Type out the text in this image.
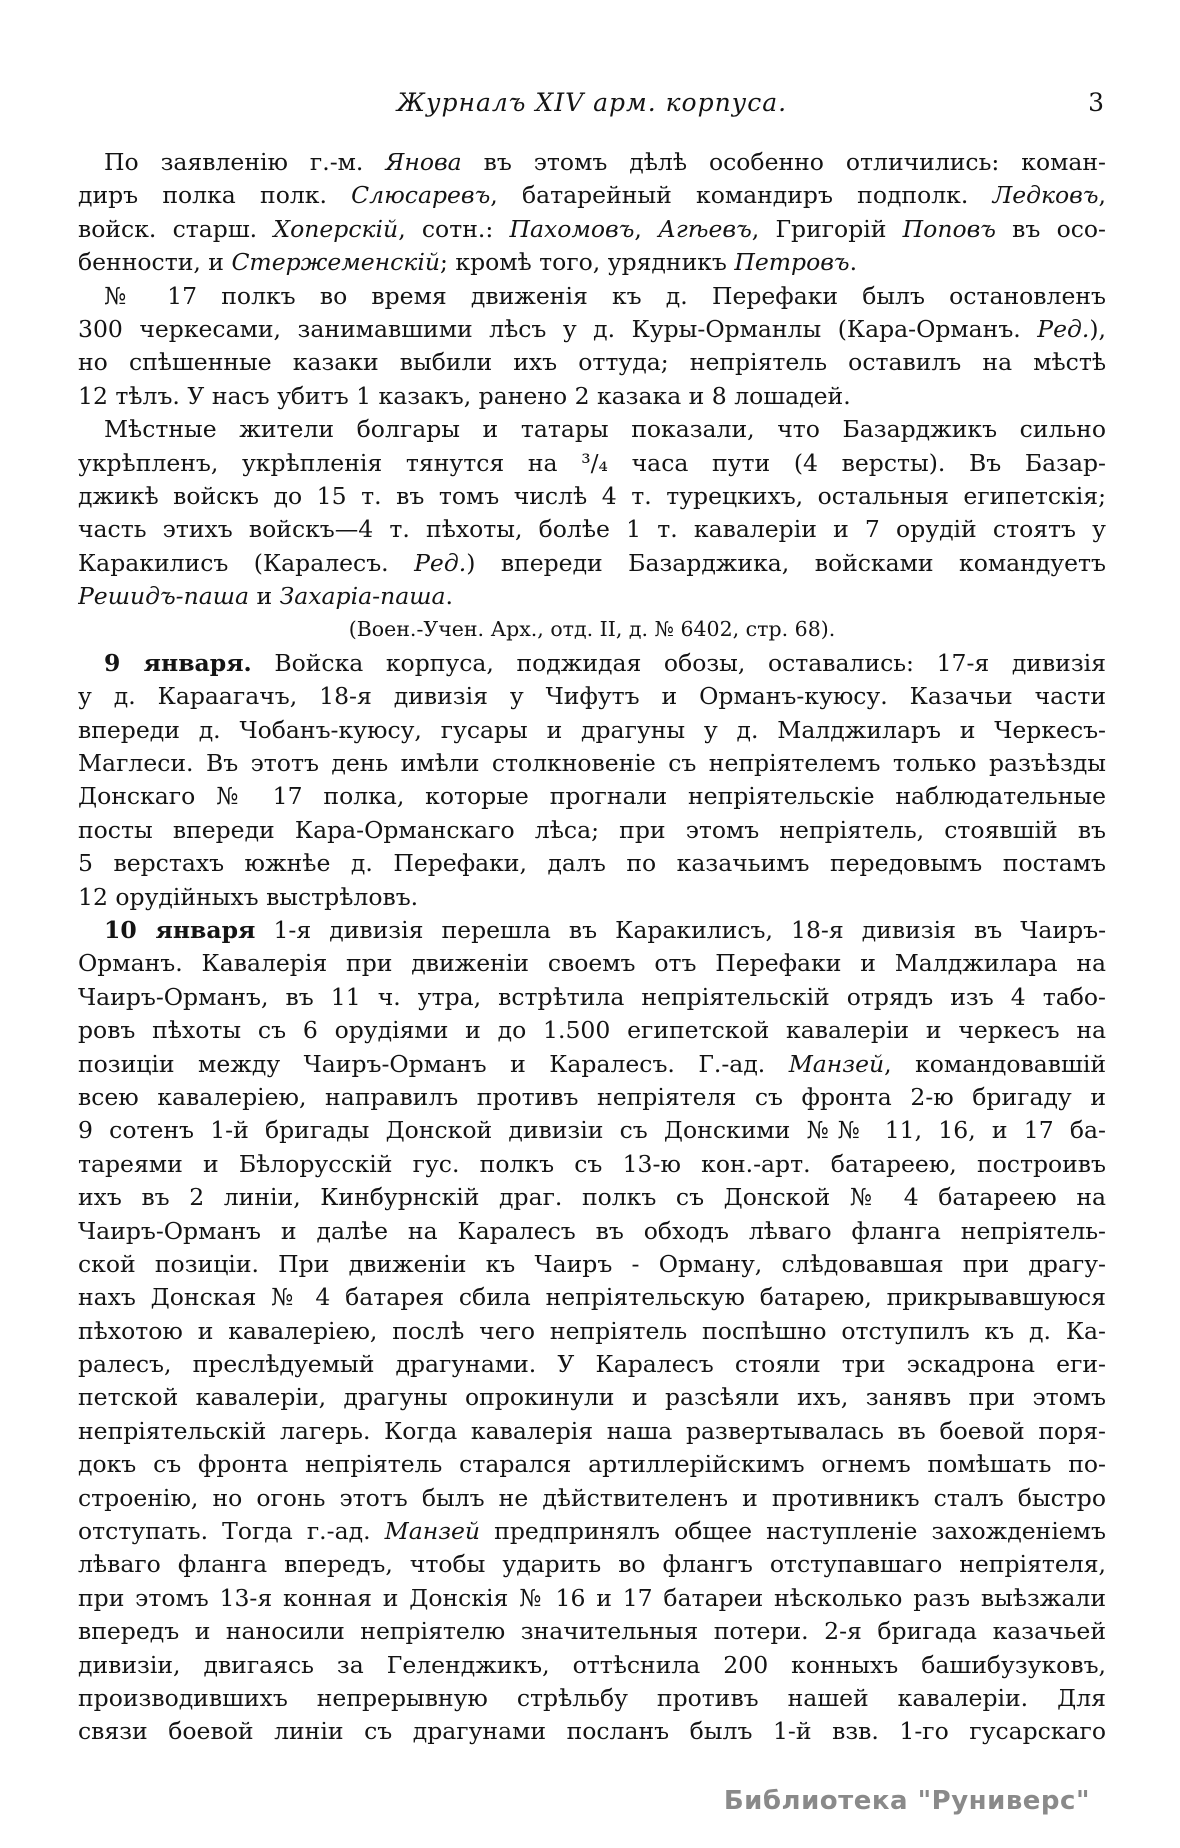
Журналъ XIV арм. корпуса.	3
По заявленію г.-м. Янова въ этомъ дѣлѣ особенно отличились: коман-
диръ полка полк. Слюсаревъ, батарейный командиръ подполк. Ледковъ,
войск. старш. Хоперскій, сотн.: Пахомовъ, Агѣевъ, Григорій Поповъ въ осо-
бенности, и Стержеменскій; кромѣ того, урядникъ Петровъ.
№ 17 полкъ во время движенія къ д. Перефаки былъ остановленъ
300 черкесами, занимавшими лѣсъ у д. Куры-Орманлы (Кара-Орманъ. Ред.),
но спѣшенные казаки выбили ихъ оттуда; непріятель оставилъ на мѣстѣ
12 тѣлъ. У насъ убитъ 1 казакъ, ранено 2 казака и 8 лошадей.
Мѣстные жители болгары и татары показали, что Базарджикъ сильно
укрѣпленъ, укрѣпленія тянутся на ³/₄ часа пути (4 версты). Въ Базар-
джикѣ войскъ до 15 т. въ томъ числѣ 4 т. турецкихъ, остальныя египетскія;
часть этихъ войскъ—4 т. пѣхоты, болѣе 1 т. кавалеріи и 7 орудій стоятъ у
Каракилисъ (Каралесъ. Ред.) впереди Базарджика, войсками командуетъ
Решидъ-паша и Захаріа-паша.
(Воен.-Учен. Арх., отд. II, д. № 6402, стр. 68).
9 января. Войска корпуса, поджидая обозы, оставались: 17-я дивизія
у д. Караагачъ, 18-я дивизія у Чифутъ и Орманъ-куюсу. Казачьи части
впереди д. Чобанъ-куюсу, гусары и драгуны у д. Малджиларъ и Черкесъ-
Маглеси. Въ этотъ день имѣли столкновеніе съ непріятелемъ только разъѣзды
Донскаго № 17 полка, которые прогнали непріятельскіе наблюдательные
посты впереди Кара-Орманскаго лѣса; при этомъ непріятель, стоявшій въ
5 верстахъ южнѣе д. Перефаки, далъ по казачьимъ передовымъ постамъ
12 орудійныхъ выстрѣловъ.
10 января 1-я дивизія перешла въ Каракилисъ, 18-я дивизія въ Чаиръ-
Орманъ. Кавалерія при движеніи своемъ отъ Перефаки и Малджилара на
Чаиръ-Орманъ, въ 11 ч. утра, встрѣтила непріятельскій отрядъ изъ 4 табо-
ровъ пѣхоты съ 6 орудіями и до 1.500 египетской кавалеріи и черкесъ на
позиціи между Чаиръ-Орманъ и Каралесъ. Г.-ад. Манзей, командовавшій
всею кавалеріею, направилъ противъ непріятеля съ фронта 2-ю бригаду и
9 сотенъ 1-й бригады Донской дивизіи съ Донскими №№ 11, 16, и 17 ба-
тареями и Бѣлорусскій гус. полкъ съ 13-ю кон.-арт. батареею, построивъ
ихъ въ 2 линіи, Кинбурнскій драг. полкъ съ Донской № 4 батареею на
Чаиръ-Орманъ и далѣе на Каралесъ въ обходъ лѣваго фланга непріятель-
ской позиціи. При движеніи къ Чаиръ - Орману, слѣдовавшая при драгу-
нахъ Донская № 4 батарея сбила непріятельскую батарею, прикрывавшуюся
пѣхотою и кавалеріею, послѣ чего непріятель поспѣшно отступилъ къ д. Ка-
ралесъ, преслѣдуемый драгунами. У Каралесъ стояли три эскадрона еги-
петской кавалеріи, драгуны опрокинули и разсѣяли ихъ, занявъ при этомъ
непріятельскій лагерь. Когда кавалерія наша развертывалась въ боевой поря-
докъ съ фронта непріятель старался артиллерійскимъ огнемъ помѣшать по-
строенію, но огонь этотъ былъ не дѣйствителенъ и противникъ сталъ быстро
отступать. Тогда г.-ад. Манзей предпринялъ общее наступленіе захожденіемъ
лѣваго фланга впередъ, чтобы ударить во флангъ отступавшаго непріятеля,
при этомъ 13-я конная и Донскія № 16 и 17 батареи нѣсколько разъ выѣзжали
впередъ и наносили непріятелю значительныя потери. 2-я бригада казачьей
дивизіи, двигаясь за Геленджикъ, оттѣснила 200 конныхъ башибузуковъ,
производившихъ непрерывную стрѣльбу противъ нашей кавалеріи. Для
связи боевой линіи съ драгунами посланъ былъ 1-й взв. 1-го гусарскаго
Библиотека "Руниверс"
